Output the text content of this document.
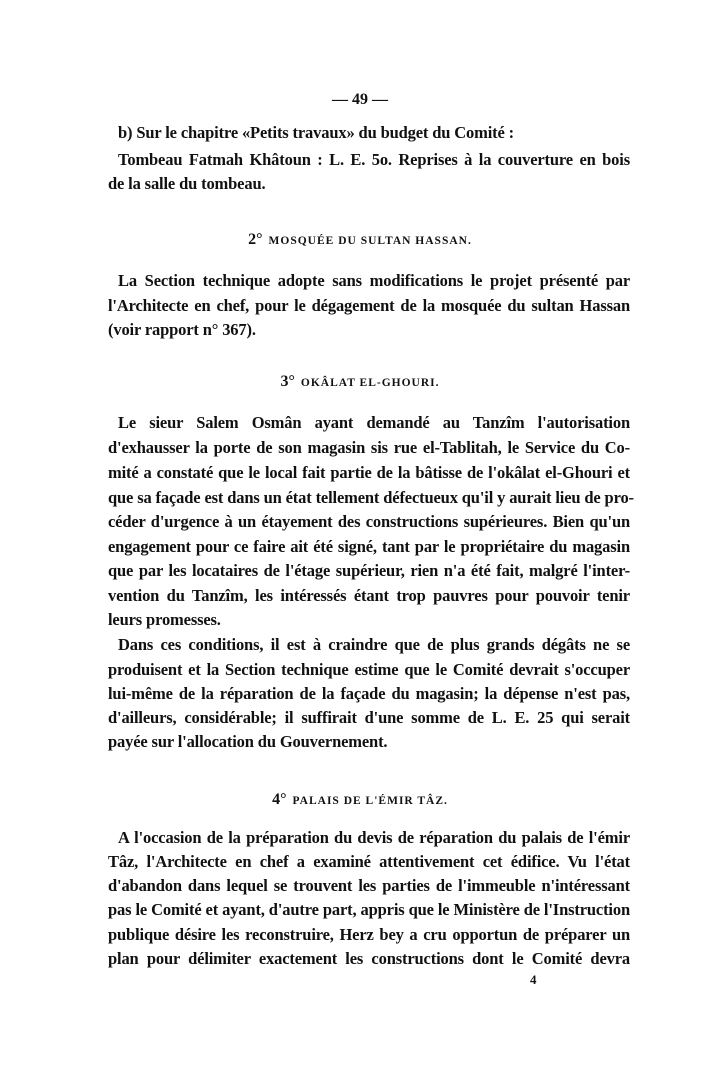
— 49 —
b) Sur le chapitre «Petits travaux» du budget du Comité :
Tombeau Fatmah Khâtoun : L. E. 5o. Reprises à la couverture en bois
de la salle du tombeau.
2° MOSQUÉE DU SULTAN HASSAN.
La Section technique adopte sans modifications le projet présenté par
l'Architecte en chef, pour le dégagement de la mosquée du sultan Hassan
(voir rapport n° 367).
3° OKÂLAT EL-GHOURI.
Le sieur Salem Osmân ayant demandé au Tanzîm l'autorisation
d'exhausser la porte de son magasin sis rue el-Tablitah, le Service du Co-
mité a constaté que le local fait partie de la bâtisse de l'okâlat el-Ghouri et
que sa façade est dans un état tellement défectueux qu'il y aurait lieu de pro-
céder d'urgence à un étayement des constructions supérieures. Bien qu'un
engagement pour ce faire ait été signé, tant par le propriétaire du magasin
que par les locataires de l'étage supérieur, rien n'a été fait, malgré l'inter-
vention du Tanzîm, les intéressés étant trop pauvres pour pouvoir tenir
leurs promesses.
Dans ces conditions, il est à craindre que de plus grands dégâts ne se
produisent et la Section technique estime que le Comité devrait s'occuper
lui-même de la réparation de la façade du magasin; la dépense n'est pas,
d'ailleurs, considérable; il suffirait d'une somme de L. E. 25 qui serait
payée sur l'allocation du Gouvernement.
4° PALAIS DE L'ÉMIR TÂZ.
A l'occasion de la préparation du devis de réparation du palais de l'émir
Tâz, l'Architecte en chef a examiné attentivement cet édifice. Vu l'état
d'abandon dans lequel se trouvent les parties de l'immeuble n'intéressant
pas le Comité et ayant, d'autre part, appris que le Ministère de l'Instruction
publique désire les reconstruire, Herz bey a cru opportun de préparer un
plan pour délimiter exactement les constructions dont le Comité devra
4
